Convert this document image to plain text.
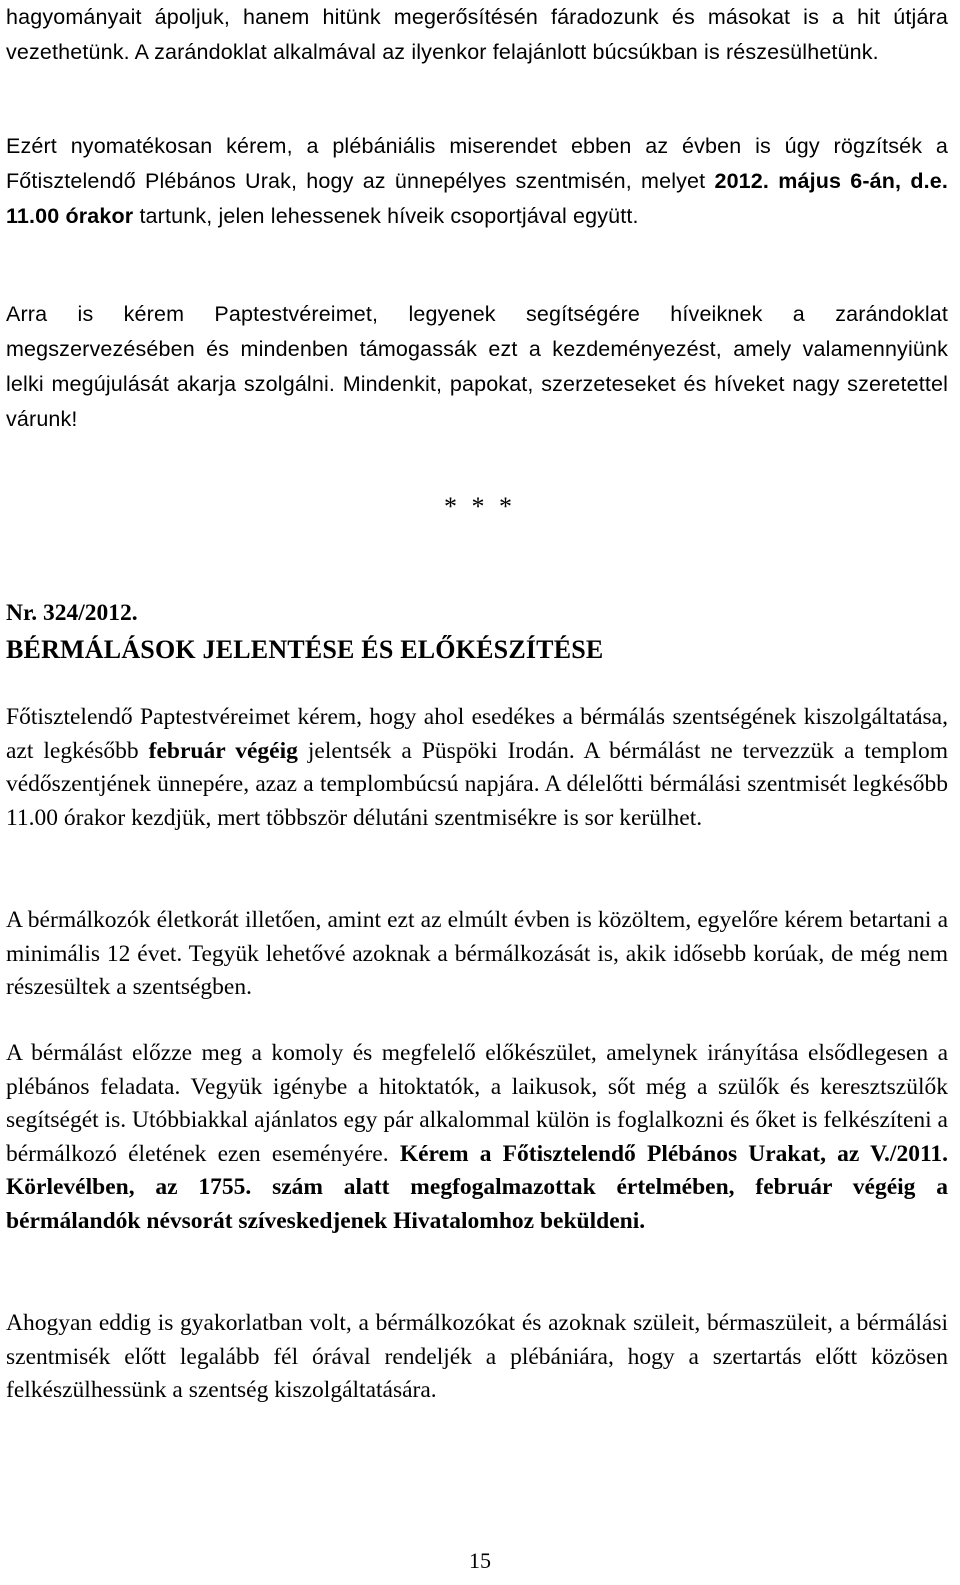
hagyományait ápoljuk, hanem hitünk megerősítésén fáradozunk és másokat is a hit útjára vezethetünk. A zarándoklat alkalmával az ilyenkor felajánlott búcsúkban is részesülhetünk.

Ezért nyomatékosan kérem, a plébániális miserendet ebben az évben is úgy rögzítsék a Főtisztelendő Plébános Urak, hogy az ünnepélyes szentmisén, melyet 2012. május 6-án, d.e. 11.00 órakor tartunk, jelen lehessenek híveik csoportjával együtt.

Arra is kérem Paptestvéreimet, legyenek segítségére híveiknek a zarándoklat megszervezésében és mindenben támogassák ezt a kezdeményezést, amely valamennyiünk lelki megújulását akarja szolgálni. Mindenkit, papokat, szerzeteseket és híveket nagy szeretettel várunk!

* * *
Nr. 324/2012.
BÉRMÁLÁSOK JELENTÉSE ÉS ELŐKÉSZÍTÉSE

Főtisztelendő Paptestvéreimet kérem, hogy ahol esedékes a bérmálás szentségének kiszolgáltatása, azt legkésőbb február végéig jelentsék a Püspöki Irodán. A bérmálást ne tervezzük a templom védőszentjének ünnepére, azaz a templombúcsú napjára. A délelőtti bérmálási szentmisét legkésőbb 11.00 órakor kezdjük, mert többször délutáni szentmisékre is sor kerülhet.

A bérmálkozók életkorát illetően, amint ezt az elmúlt évben is közöltem, egyelőre kérem betartani a minimális 12 évet. Tegyük lehetővé azoknak a bérmálkozását is, akik idősebb korúak, de még nem részesültek a szentségben.

A bérmálást előzze meg a komoly és megfelelő előkészület, amelynek irányítása elsődlegesen a plébános feladata. Vegyük igénybe a hitoktatók, a laikusok, sőt még a szülők és keresztszülők segítségét is. Utóbbiakkal ajánlatos egy pár alkalommal külön is foglalkozni és őket is felkészíteni a bérmálkozó életének ezen eseményére. Kérem a Főtisztelendő Plébános Urakat, az V./2011. Körlevélben, az 1755. szám alatt megfogalmazottak értelmében, február végéig a bérmálandók névsorát szíveskedjenek Hivatalomhoz beküldeni.

Ahogyan eddig is gyakorlatban volt, a bérmálkozókat és azoknak szüleit, bérmaszüleit, a bérmálási szentmisék előtt legalább fél órával rendeljék a plébániára, hogy a szertartás előtt közösen felkészülhessünk a szentség kiszolgáltatására.

15
